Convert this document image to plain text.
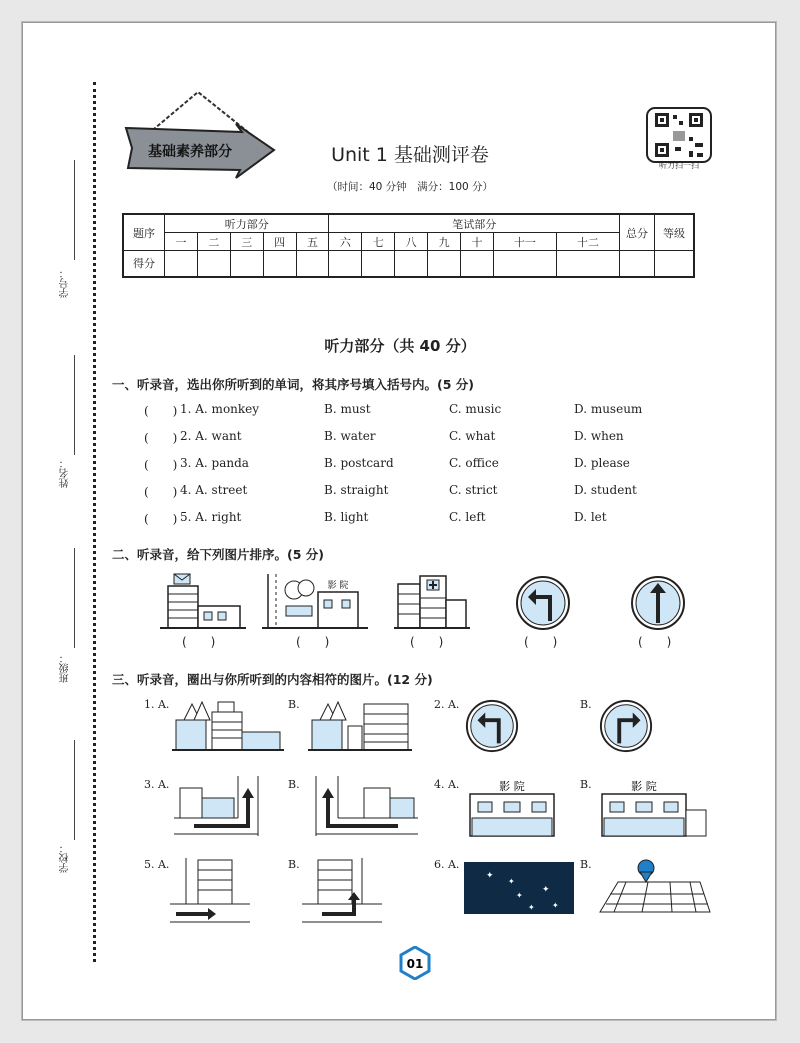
学号：
姓名：
班级：
学校：
基础素养部分	Unit 1 基础测评卷
（时间：40 分钟　满分：100 分）
听力扫一扫
题序	听力部分					笔试部分							总分	等级
	一	二	三	四	五	六	七	八	九	十	十一	十二		
得分														
听力部分（共 40 分）
一、听录音，选出你所听到的单词，将其序号填入括号内。(5 分)
(　　) 1. A. monkey	B. must	C. music	D. museum
(　　) 2. A. want	B. water	C. what	D. when
(　　) 3. A. panda	B. postcard	C. office	D. please
(　　) 4. A. street	B. straight	C. strict	D. student
(　　) 5. A. right	B. light	C. left	D. let
二、听录音，给下列图片排序。(5 分)
影 院
(　　)	(　　)	(　　)	(　　)	(　　)
三、听录音，圈出与你所听到的内容相符的图片。(12 分)
1. A.	B.	2. A.	B.
3. A.	B.	4. A.	影 院	B.	影 院
5. A.	B.	6. A.
✦
✦
✦
✦
✦ ✦
B.
01
